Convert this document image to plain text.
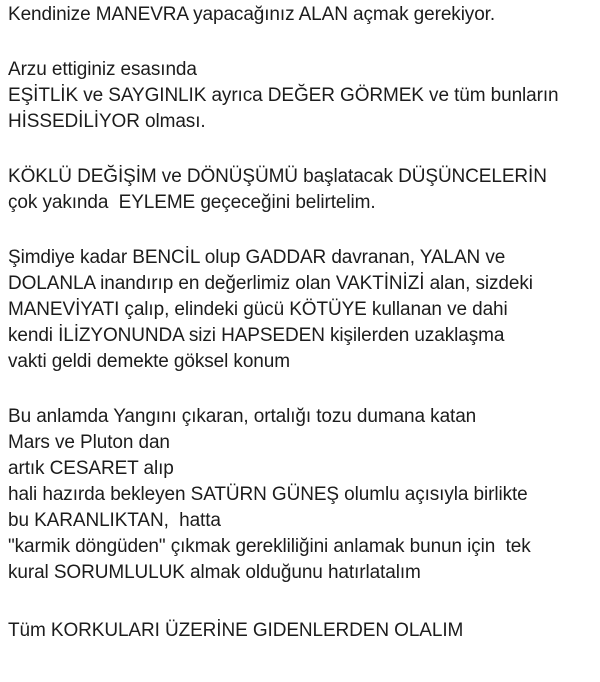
Kendinize MANEVRA yapacağınız ALAN açmak gerekiyor.
Arzu ettiginiz esasında
EŞİTLİK ve SAYGINLIK ayrıca DEĞER GÖRMEK ve tüm bunların
HİSSEDİLİYOR olması.
KÖKLÜ DEĞİŞİM ve DÖNÜŞÜMÜ başlatacak DÜŞÜNCELERİN
çok yakında  EYLEME geçeceğini belirtelim.
Şimdiye kadar BENCİL olup GADDAR davranan, YALAN ve
DOLANLA inandırıp en değerlimiz olan VAKTİNİZİ alan, sizdeki
MANEVİYATI çalıp, elindeki gücü KÖTÜYE kullanan ve dahi
kendi İLİZYONUNDA sizi HAPSEDEN kişilerden uzaklaşma
vakti geldi demekte göksel konum
Bu anlamda Yangını çıkaran, ortalığı tozu dumana katan
Mars ve Pluton dan
artık CESARET alıp
hali hazırda bekleyen SATÜRN GÜNEŞ olumlu açısıyla birlikte
bu KARANLIKTAN,  hatta
"karmik döngüden" çıkmak gerekliliğini anlamak bunun için  tek
kural SORUMLULUK almak olduğunu hatırlatalım
Tüm KORKULARI ÜZERİNE GIDENLERDEN OLALIM
